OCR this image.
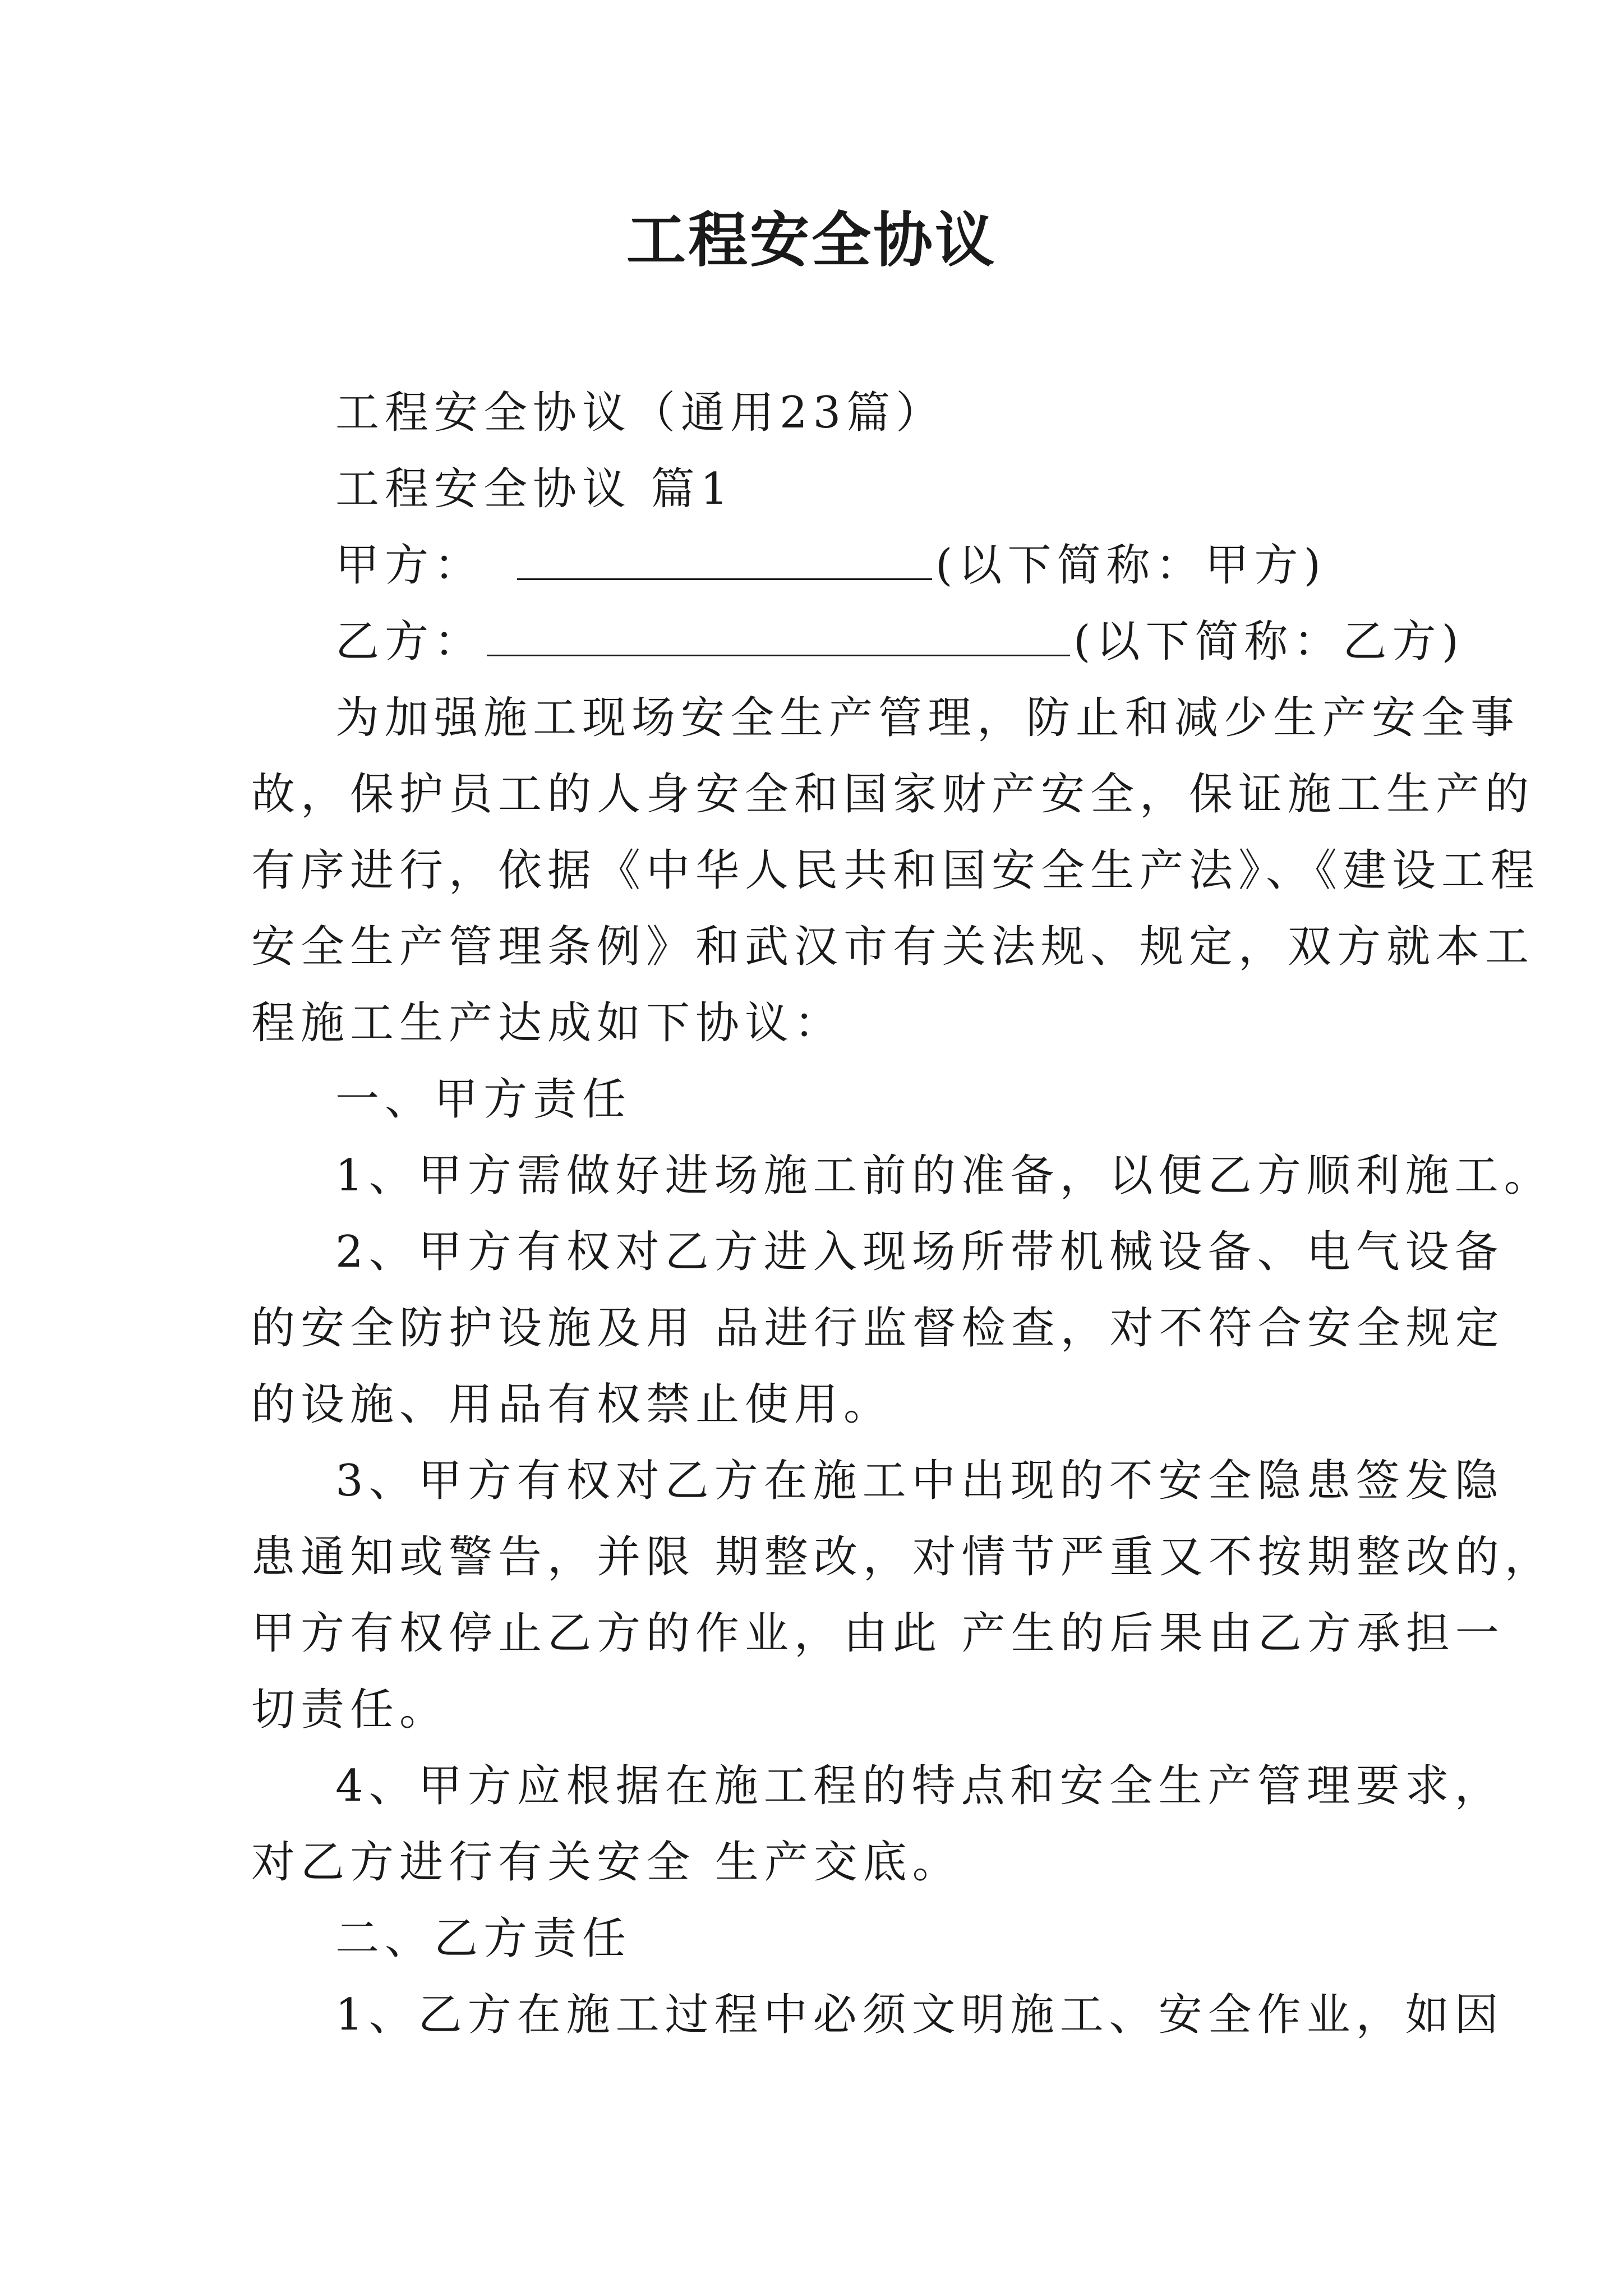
工程安全协议
工程安全协议（通用23篇）
工程安全协议 篇1
甲方：	(以下简称：甲方)
乙方：	(以下简称：乙方)
为加强施工现场安全生产管理，防止和减少生产安全事
故，保护员工的人身安全和国家财产安全，保证施工生产的
有序进行，依据《中华人民共和国安全生产法》、《建设工程
安全生产管理条例》和武汉市有关法规、规定，双方就本工
程施工生产达成如下协议：
一、甲方责任
1、甲方需做好进场施工前的准备，以便乙方顺利施工。
2、甲方有权对乙方进入现场所带机械设备、电气设备
的安全防护设施及用 品进行监督检查，对不符合安全规定
的设施、用品有权禁止使用。
3、甲方有权对乙方在施工中出现的不安全隐患签发隐
患通知或警告，并限 期整改，对情节严重又不按期整改的，
甲方有权停止乙方的作业，由此 产生的后果由乙方承担一
切责任。
4、甲方应根据在施工程的特点和安全生产管理要求，
对乙方进行有关安全 生产交底。
二、乙方责任
1、乙方在施工过程中必须文明施工、安全作业，如因
